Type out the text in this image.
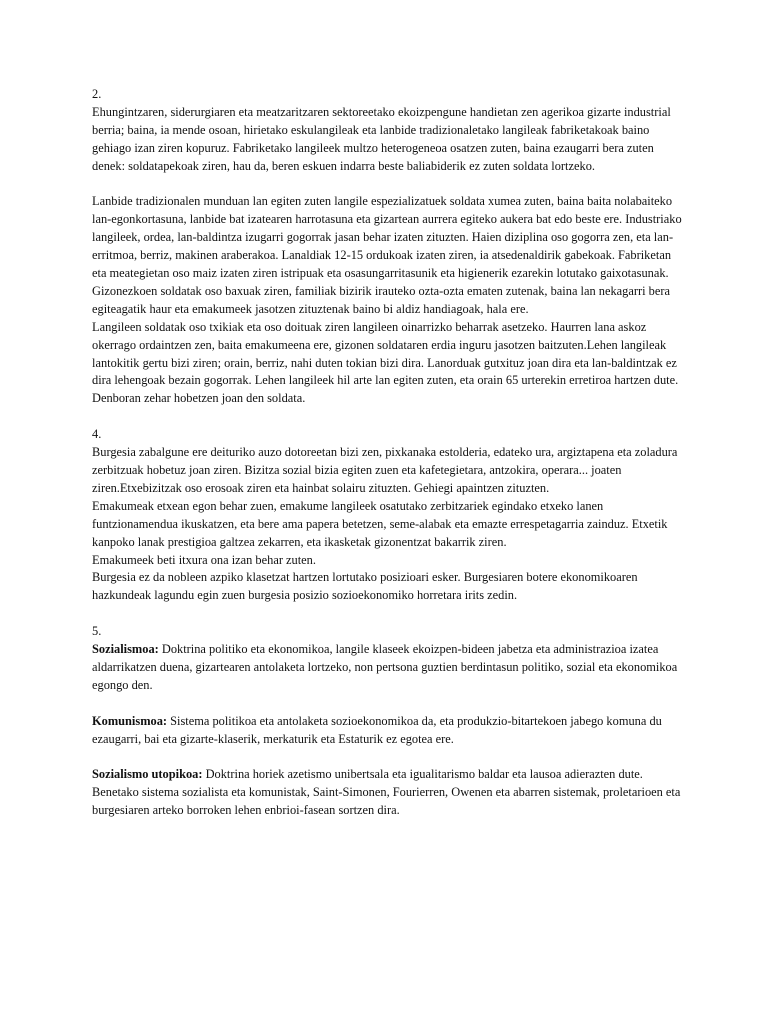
2.

Ehungintzaren, siderurgiaren eta meatzaritzaren sektoreetako ekoizpengune handietan zen agerikoa gizarte industrial berria; baina, ia mende osoan, hirietako eskulangileak eta lanbide tradizionaletako langileak fabriketakoak baino gehiago izan ziren kopuruz. Fabriketako langileek multzo heterogeneoa osatzen zuten, baina ezaugarri bera zuten denek: soldatapekoak ziren, hau da, beren eskuen indarra beste baliabiderik ez zuten soldata lortzeko.

Lanbide tradizionalen munduan lan egiten zuten langile espezializatuek soldata xumea zuten, baina baita nolabaiteko lan-egonkortasuna, lanbide bat izatearen harrotasuna eta gizartean aurrera egiteko aukera bat edo beste ere. Industriako langileek, ordea, lan-baldintza izugarri gogorrak jasan behar izaten zituzten. Haien diziplina oso gogorra zen, eta lan-erritmoa, berriz, makinen araberakoa. Lanaldiak 12-15 ordukoak izaten ziren, ia atsedenaldirik gabekoak. Fabriketan eta meategietan oso maiz izaten ziren istripuak eta osasungarritasunik eta higienerik ezarekin lotutako gaixotasunak. Gizonezkoen soldatak oso baxuak ziren, familiak bizirik irauteko ozta-ozta ematen zutenak, baina lan nekagarri bera egiteagatik haur eta emakumeek jasotzen zituztenak baino bi aldiz handiagoak, hala ere.

Langileen soldatak oso txikiak eta oso doituak ziren langileen oinarrizko beharrak asetzeko. Haurren lana askoz okerrago ordaintzen zen, baita emakumeena ere, gizonen soldataren erdia inguru jasotzen baitzuten.Lehen langileak lantokitik gertu bizi ziren; orain, berriz, nahi duten tokian bizi dira. Lanorduak gutxituz joan dira eta lan-baldintzak ez dira lehengoak bezain gogorrak. Lehen langileek hil arte lan egiten zuten, eta orain 65 urterekin erretiroa hartzen dute. Denboran zehar hobetzen joan den soldata.

4.

Burgesia zabalgune ere deituriko auzo dotoreetan bizi zen, pixkanaka estolderia, edateko ura, argiztapena eta zoladura zerbitzuak hobetuz joan ziren. Bizitza sozial bizia egiten zuen eta kafetegietara, antzokira, operara... joaten ziren.Etxebizitzak oso erosoak ziren eta hainbat solairu zituzten. Gehiegi apaintzen zituzten.

Emakumeak etxean egon behar zuen, emakume langileek osatutako zerbitzariek egindako etxeko lanen funtzionamendua ikuskatzen, eta bere ama papera betetzen, seme-alabak eta emazte errespetagarria zainduz. Etxetik kanpoko lanak prestigioa galtzea zekarren, eta ikasketak gizonentzat bakarrik ziren.

Emakumeek beti itxura ona izan behar zuten.

Burgesia ez da nobleen azpiko klasetzat hartzen lortutako posizioari esker. Burgesiaren botere ekonomikoaren hazkundeak lagundu egin zuen burgesia posizio sozioekonomiko horretara irits zedin.

5.

Sozialismoa: Doktrina politiko eta ekonomikoa, langile klaseek ekoizpen-bideen jabetza eta administrazioa izatea aldarrikatzen duena, gizartearen antolaketa lortzeko, non pertsona guztien berdintasun politiko, sozial eta ekonomikoa egongo den.

Komunismoa: Sistema politikoa eta antolaketa sozioekonomikoa da, eta produkzio-bitartekoen jabego komuna du ezaugarri, bai eta gizarte-klaserik, merkaturik eta Estaturik ez egotea ere.

Sozialismo utopikoa: Doktrina horiek azetismo unibertsala eta igualitarismo baldar eta lausoa adierazten dute. Benetako sistema sozialista eta komunistak, Saint-Simonen, Fourierren, Owenen eta abarren sistemak, proletarioen eta burgesiaren arteko borroken lehen enbrioi-fasean sortzen dira.
